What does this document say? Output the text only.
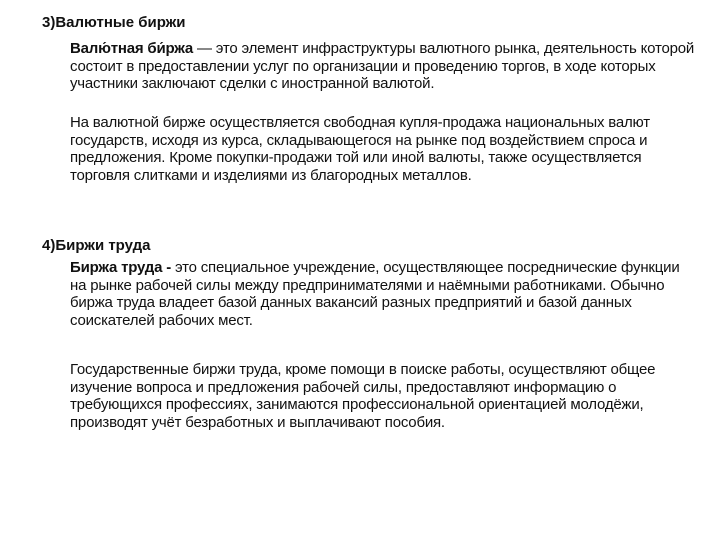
3)Валютные биржи

Валю́тная би́ржа — это элемент инфраструктуры валютного рынка, деятельность которой состоит в предоставлении услуг по организации и проведению торгов, в ходе которых участники заключают сделки с иностранной валютой.

На валютной бирже осуществляется свободная купля-продажа национальных валют государств, исходя из курса, складывающегося на рынке под воздействием спроса и предложения. Кроме покупки-продажи той или иной валюты, также осуществляется торговля слитками и изделиями из благородных металлов.

4)Биржи труда

Биржа труда - это специальное учреждение, осуществляющее посреднические функции на рынке рабочей силы между предпринимателями и наёмными работниками. Обычно биржа труда владеет базой данных вакансий разных предприятий и базой данных соискателей рабочих мест.

Государственные биржи труда, кроме помощи в поиске работы, осуществляют общее изучение вопроса и предложения рабочей силы, предоставляют информацию о требующихся профессиях, занимаются профессиональной ориентацией молодёжи, производят учёт безработных и выплачивают пособия.
